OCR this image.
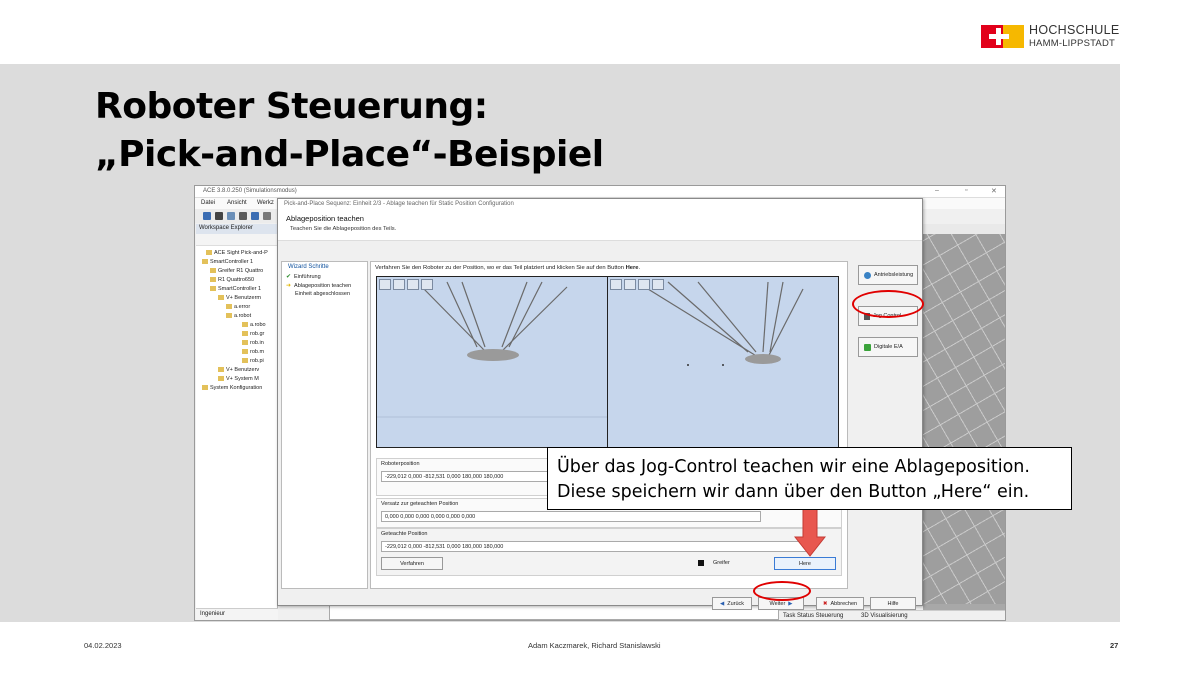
HOCHSCHULE
HAMM-LIPPSTADT
Roboter Steuerung:
„Pick-and-Place“-Beispiel
ACE 3.8.0.250 (Simulationsmodus)	–	▫	✕
Datei Ansicht Werkz
Workspace Explorer
ACE Sight Pick-and-P
SmartController 1
Greifer R1 Quattro
R1 Quattro650
SmartController 1
V+ Benutzerm
a.error
a.robot
a.robo
rob.gr
rob.in
rob.m
rob.pi
V+ Benutzerv
V+ System M
System Konfiguration
Ingenieur	Task Status Steuerung	3D Visualisierung
Pick-and-Place Sequenz: Einheit 2/3 - Ablage teachen für Static Position Configuration
Ablageposition teachen
Teachen Sie die Ablageposition des Teils.
Wizard Schritte
✔ Einführung
➜ Ablageposition teachen
Einheit abgeschlossen
Verfahren Sie den Roboter zu der Position, wo er das Teil platziert und klicken Sie auf den Button Here.
Roboterposition
-229,012 0,000 -812,531 0,000 180,000 180,000
Versatz zur geteachten Position
0,000 0,000 0,000 0,000 0,000 0,000
Geteachte Position
-229,012 0,000 -812,531 0,000 180,000 180,000
Verfahren	Greifer	Here
Antriebsleistung
Jog Control
Digitale E/A
◀ Zurück	Weiter ▶	✖ Abbrechen	Hilfe
Über das Jog-Control teachen wir eine Ablageposition.
Diese speichern wir dann über den Button „Here“ ein.
04.02.2023	Adam Kaczmarek, Richard Stanislawski	27
